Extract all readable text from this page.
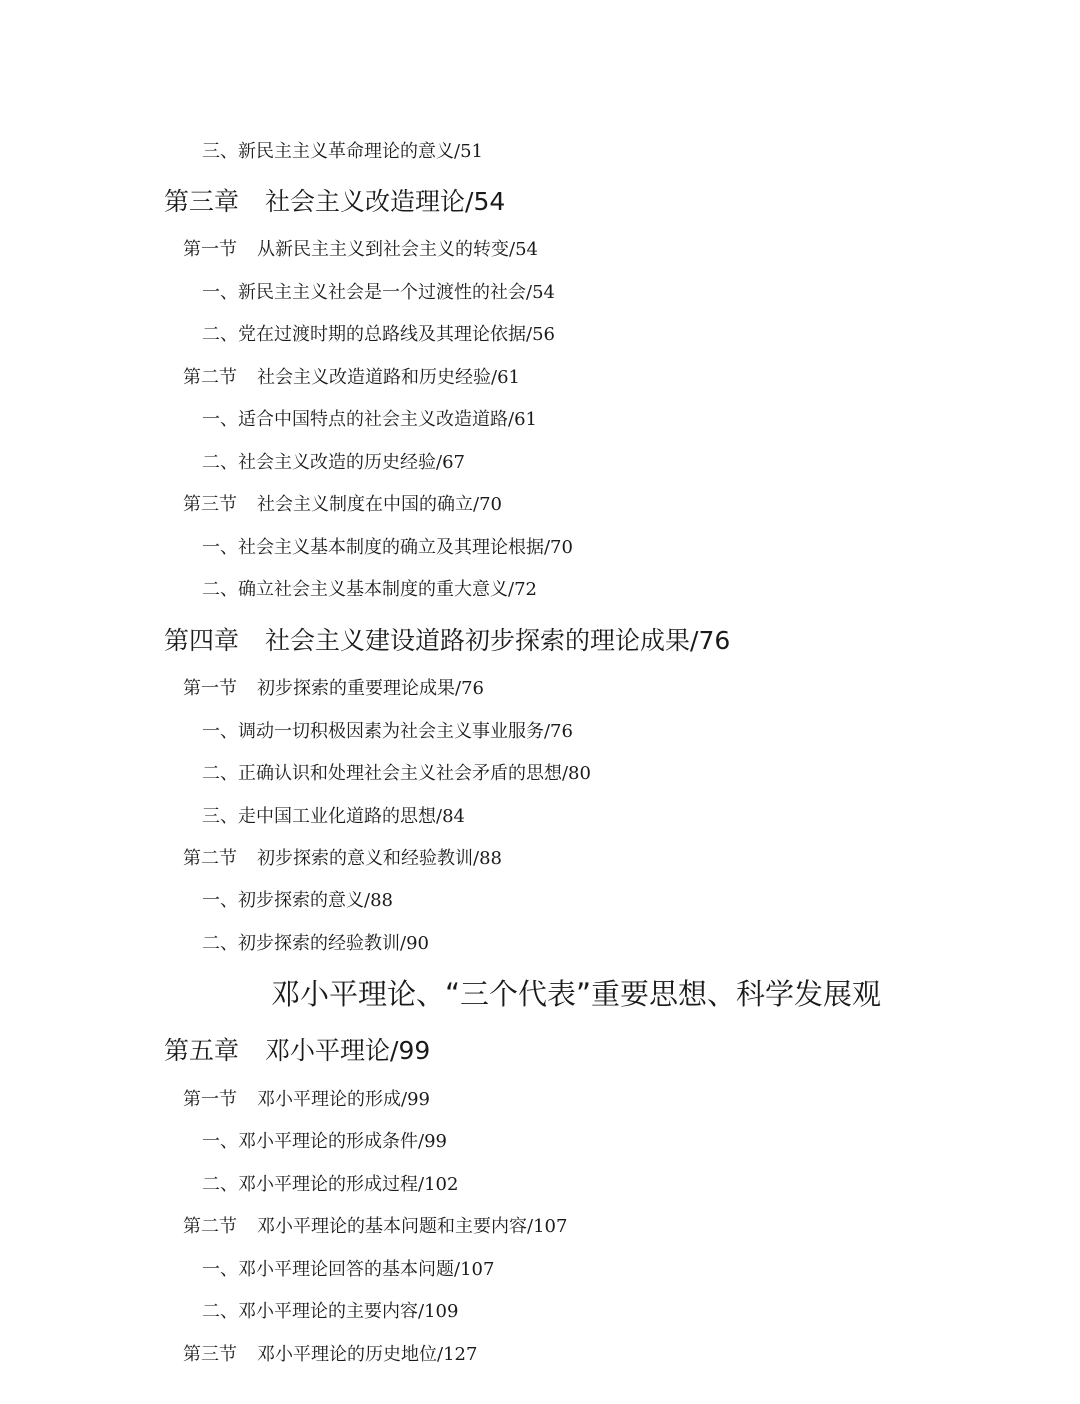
三、新民主主义革命理论的意义/51
第三章 社会主义改造理论/54
第一节 从新民主主义到社会主义的转变/54
一、新民主主义社会是一个过渡性的社会/54
二、党在过渡时期的总路线及其理论依据/56
第二节 社会主义改造道路和历史经验/61
一、适合中国特点的社会主义改造道路/61
二、社会主义改造的历史经验/67
第三节 社会主义制度在中国的确立/70
一、社会主义基本制度的确立及其理论根据/70
二、确立社会主义基本制度的重大意义/72
第四章 社会主义建设道路初步探索的理论成果/76
第一节 初步探索的重要理论成果/76
一、调动一切积极因素为社会主义事业服务/76
二、正确认识和处理社会主义社会矛盾的思想/80
三、走中国工业化道路的思想/84
第二节 初步探索的意义和经验教训/88
一、初步探索的意义/88
二、初步探索的经验教训/90
邓小平理论、“三个代表”重要思想、科学发展观
第五章 邓小平理论/99
第一节 邓小平理论的形成/99
一、邓小平理论的形成条件/99
二、邓小平理论的形成过程/102
第二节 邓小平理论的基本问题和主要内容/107
一、邓小平理论回答的基本问题/107
二、邓小平理论的主要内容/109
第三节 邓小平理论的历史地位/127
